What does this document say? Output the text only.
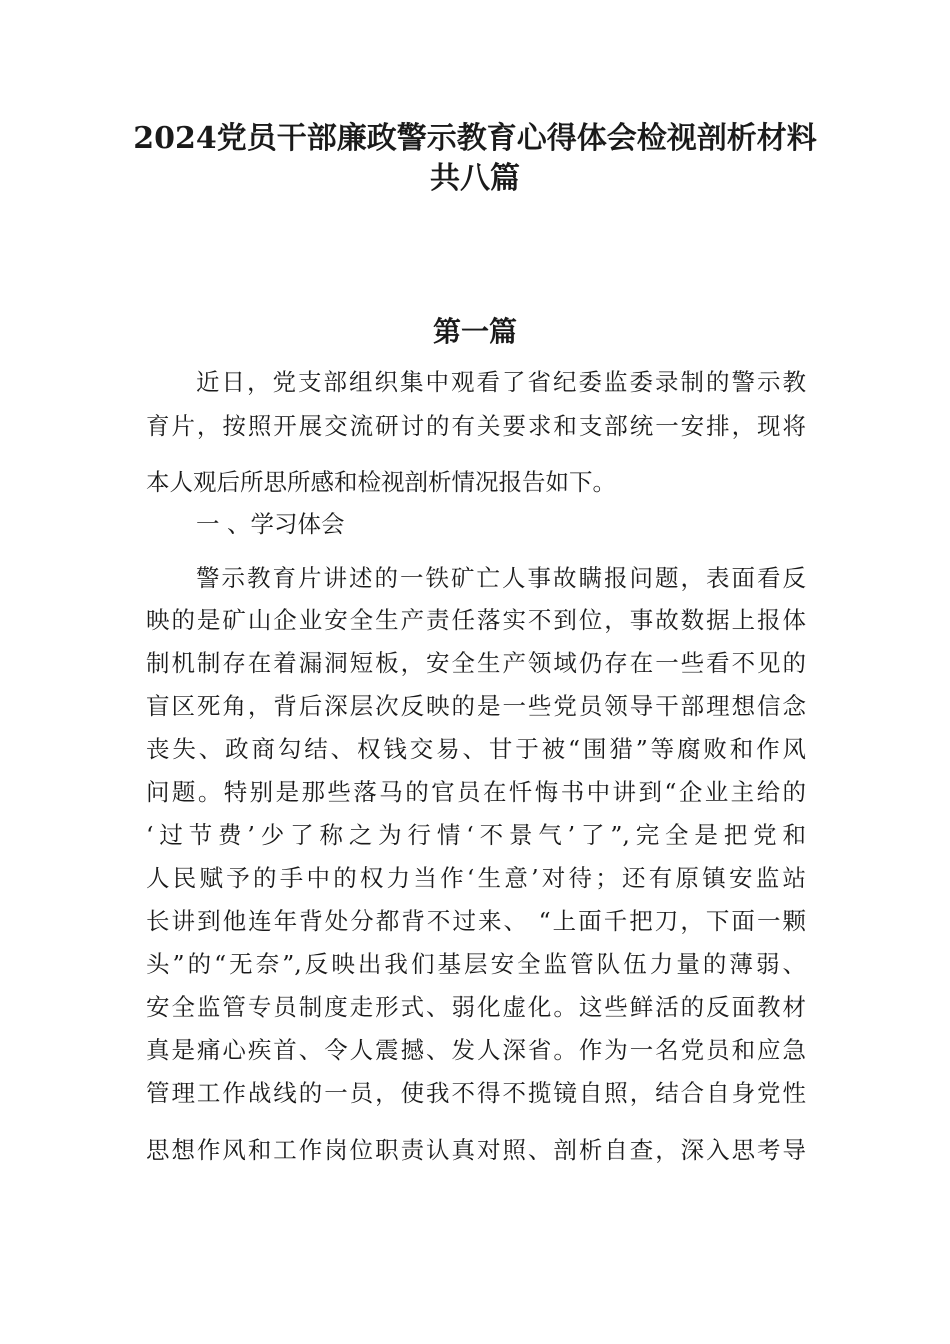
2024党员干部廉政警示教育心得体会检视剖析材料
共八篇
第一篇

近日，党支部组织集中观看了省纪委监委录制的警示教

育片，按照开展交流研讨的有关要求和支部统一安排，现将

本人观后所思所感和检视剖析情况报告如下。

一 、学习体会

警示教育片讲述的一铁矿亡人事故瞒报问题，表面看反

映的是矿山企业安全生产责任落实不到位，事故数据上报体

制机制存在着漏洞短板，安全生产领域仍存在一些看不见的

盲区死角，背后深层次反映的是一些党员领导干部理想信念

丧失、政商勾结、权钱交易、甘于被“围猎”等腐败和作风

问题。特别是那些落马的官员在忏悔书中讲到“企业主给的

‘过节费’少了称之为行情‘不景气’了”,完全是把党和

人民赋予的手中的权力当作‘生意’对待；还有原镇安监站

长讲到他连年背处分都背不过来、 “上面千把刀，下面一颗

头”的“无奈”,反映出我们基层安全监管队伍力量的薄弱、

安全监管专员制度走形式、弱化虚化。这些鲜活的反面教材

真是痛心疾首、令人震撼、发人深省。作为一名党员和应急

管理工作战线的一员，使我不得不揽镜自照，结合自身党性

思想作风和工作岗位职责认真对照、剖析自查，深入思考导
